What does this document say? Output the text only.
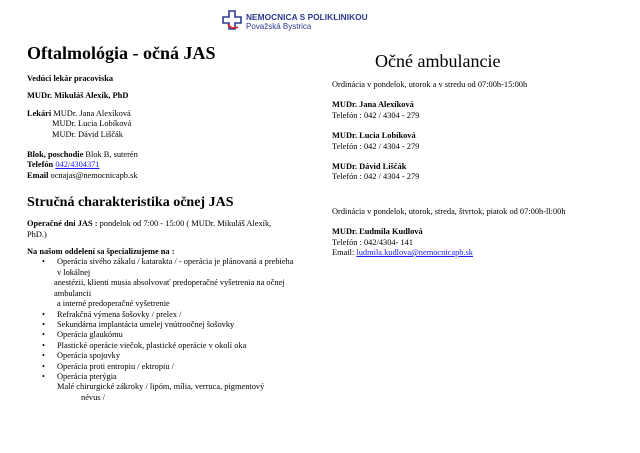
NEMOCNICA S POLIKLINIKOU
Považská Bystrica
Oftalmológia - očná JAS

Vedúci lekár pracoviska

MUDr. Mikuláš Alexík, PhD

Lekári MUDr. Jana Alexíková

MUDr. Lucia Lobíková

MUDr. Dávid Liščák

Blok, poschodie Blok B, suterén

Telefón 042/4304371

Email ocnajas@nemocnicapb.sk

Stručná charakteristika očnej JAS

Operačné dni JAS : pondelok od 7:00 - 15:00 ( MUDr. Mikuláš Alexík,

PhD.)

Na našom oddelení sa špecializujeme na :

• Operácia sivého zákalu / katarakta / - operácia je plánovaná a prebieha
v lokálnej
anestézii, klienti musia absolvovať predoperačné vyšetrenia na očnej
ambulancii
a interné predoperačné vyšetrenie
• Refrakčná výmena šošovky / prelex /
• Sekundárna implantácia umelej vnútroočnej šošovky
• Operácia glaukómu
• Plastické operácie viečok, plastické operácie v okolí oka
• Operácia spojovky
• Operácia proti entropiu / ektropiu /
• Operácia pterýgia
Malé chirurgické zákroky / lipóm, mília, verruca, pigmentový
névus /
Očné ambulancie

Ordinácia v pondelok, utorok a v stredu od 07:00h-15:00h

MUDr. Jana Alexíková

Telefón : 042 / 4304 - 279

MUDr. Lucia Lobíková

Telefón : 042 / 4304 - 279

MUDr. Dávid Liščák

Telefón : 042 / 4304 - 279

Ordinácia v pondelok, utorok, streda, štvrtok, piatok od 07:00h-ll:00h

MUDr. Ľudmila Kudlová

Telefón : 042/4304- 141

Email: ludmila.kudlova@nemocnicapb.sk
